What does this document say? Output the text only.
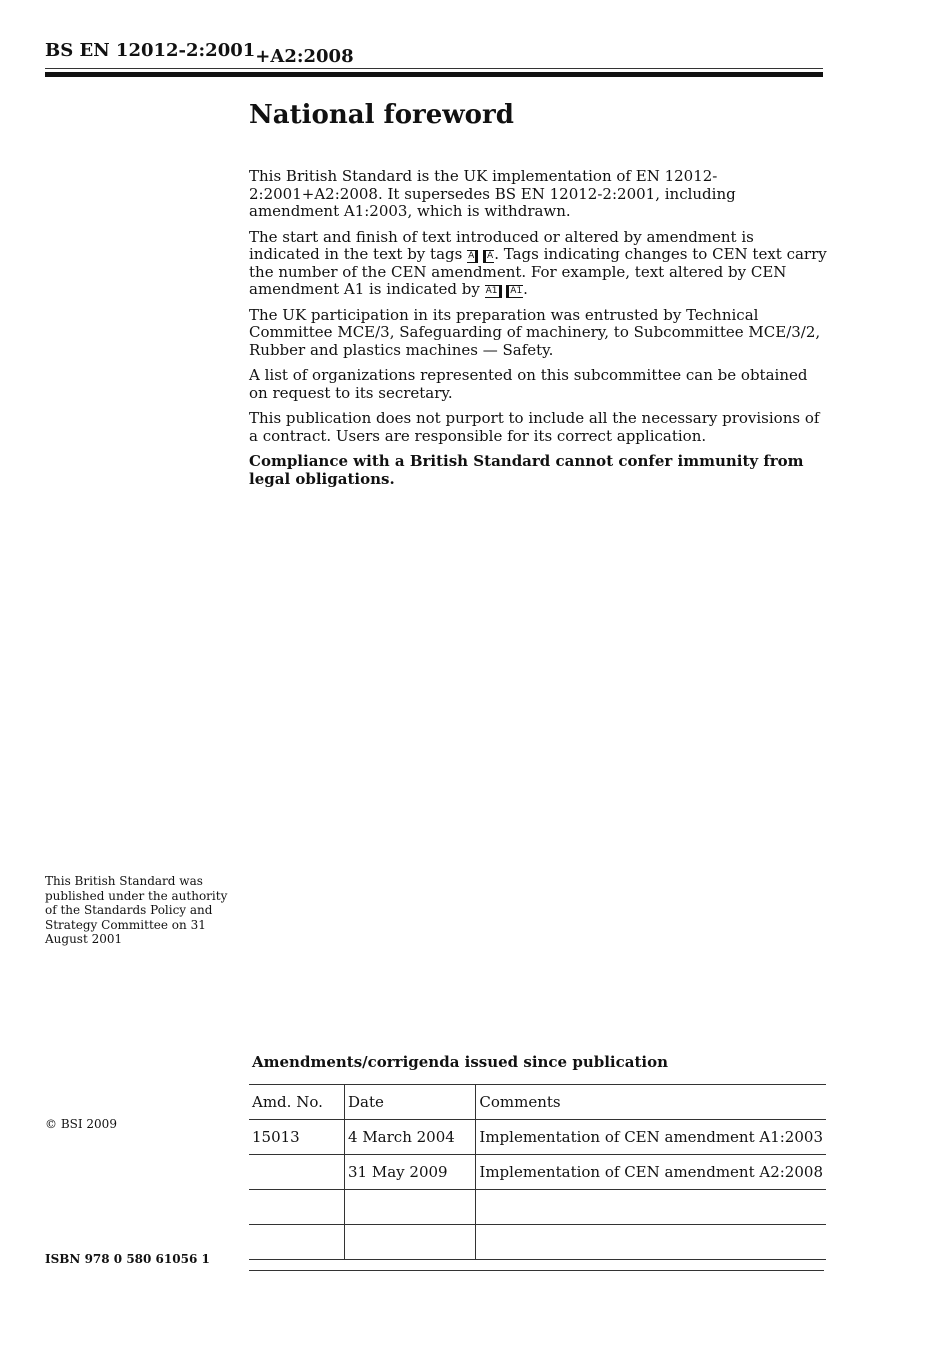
BS EN 12012-2:2001+A2:2008
National foreword

This British Standard is the UK implementation of EN 12012-2:2001+A2:2008. It supersedes BS EN 12012-2:2001, including amendment A1:2003, which is withdrawn.

The start and finish of text introduced or altered by amendment is indicated in the text by tags A A. Tags indicating changes to CEN text carry the number of the CEN amendment. For example, text altered by CEN amendment A1 is indicated by A1 A1.

The UK participation in its preparation was entrusted by Technical Committee MCE/3, Safeguarding of machinery, to Subcommittee MCE/3/2, Rubber and plastics machines — Safety.

A list of organizations represented on this subcommittee can be obtained on request to its secretary.

This publication does not purport to include all the necessary provisions of a contract. Users are responsible for its correct application.

Compliance with a British Standard cannot confer immunity from legal obligations.

This British Standard was published under the authority of the Standards Policy and Strategy Committee on 31 August 2001
© BSI 2009
ISBN 978 0 580 61056 1
Amendments/corrigenda issued since publication
Amd. No.	Date	Comments
15013	4 March 2004	Implementation of CEN amendment A1:2003
	31 May 2009	Implementation of CEN amendment A2:2008
